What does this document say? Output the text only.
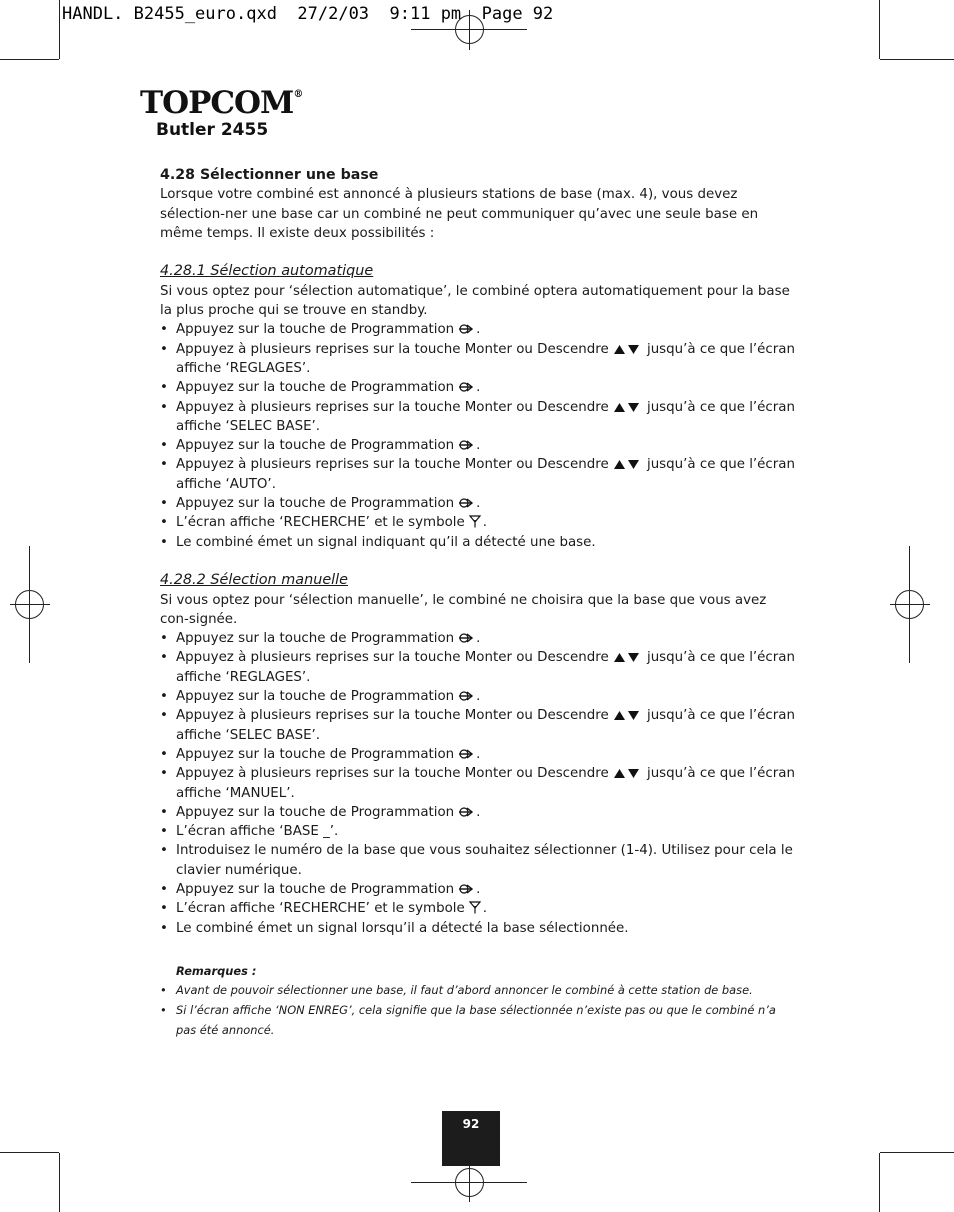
HANDL. B2455_euro.qxd  27/2/03  9:11 pm  Page 92
TOPCOM®
Butler 2455
4.28 Sélectionner une base

Lorsque votre combiné est annoncé à plusieurs stations de base (max. 4), vous devez sélection-ner une base car un combiné ne peut communiquer qu’avec une seule base en même temps. Il existe deux possibilités :

4.28.1 Sélection automatique

Si vous optez pour ‘sélection automatique’, le combiné optera automatiquement pour la base la plus proche qui se trouve en standby.

• Appuyez sur la touche de Programmation .
• Appuyez à plusieurs reprises sur la touche Monter ou Descendre	jusqu’à ce que l’écran affiche ‘REGLAGES’.
• Appuyez sur la touche de Programmation .
• Appuyez à plusieurs reprises sur la touche Monter ou Descendre	jusqu’à ce que l’écran affiche ‘SELEC BASE’.
• Appuyez sur la touche de Programmation .
• Appuyez à plusieurs reprises sur la touche Monter ou Descendre	jusqu’à ce que l’écran affiche ‘AUTO’.
• Appuyez sur la touche de Programmation .
• L’écran affiche ‘RECHERCHE’ et le symbole .
• Le combiné émet un signal indiquant qu’il a détecté une base.
4.28.2 Sélection manuelle

Si vous optez pour ‘sélection manuelle’, le combiné ne choisira que la base que vous avez con-signée.

• Appuyez sur la touche de Programmation .
• Appuyez à plusieurs reprises sur la touche Monter ou Descendre	jusqu’à ce que l’écran affiche ‘REGLAGES’.
• Appuyez sur la touche de Programmation .
• Appuyez à plusieurs reprises sur la touche Monter ou Descendre	jusqu’à ce que l’écran affiche ‘SELEC BASE’.
• Appuyez sur la touche de Programmation .
• Appuyez à plusieurs reprises sur la touche Monter ou Descendre	jusqu’à ce que l’écran affiche ‘MANUEL’.
• Appuyez sur la touche de Programmation .
• L’écran affiche ‘BASE _’.
• Introduisez le numéro de la base que vous souhaitez sélectionner (1-4). Utilisez pour cela le clavier numérique.
• Appuyez sur la touche de Programmation .
• L’écran affiche ‘RECHERCHE’ et le symbole .
• Le combiné émet un signal lorsqu’il a détecté la base sélectionnée.
Remarques :
• Avant de pouvoir sélectionner une base, il faut d’abord annoncer le combiné à cette station de base.
• Si l’écran affiche ‘NON ENREG’, cela signifie que la base sélectionnée n’existe pas ou que le combiné n’a pas été annoncé.
92
